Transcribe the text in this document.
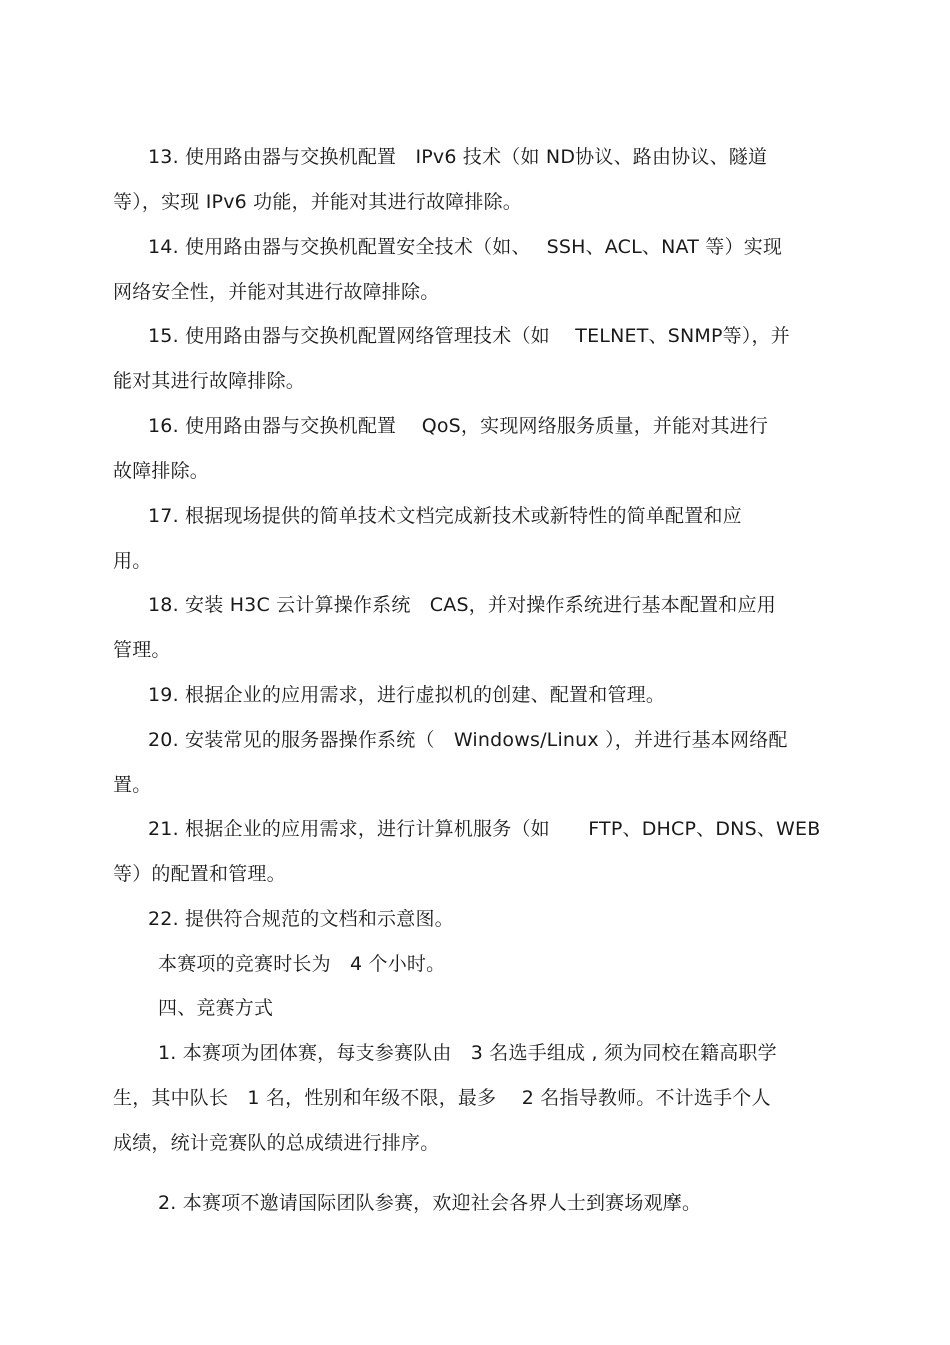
13. 使用路由器与交换机配置　IPv6 技术（如 ND协议、路由协议、隧道
等），实现 IPv6 功能，并能对其进行故障排除。
14. 使用路由器与交换机配置安全技术（如、　 SSH、ACL、NAT 等）实现
网络安全性，并能对其进行故障排除。
15. 使用路由器与交换机配置网络管理技术（如　 TELNET、SNMP等），并
能对其进行故障排除。
16. 使用路由器与交换机配置　 QoS，实现网络服务质量，并能对其进行
故障排除。
17. 根据现场提供的简单技术文档完成新技术或新特性的简单配置和应
用。
18. 安装 H3C 云计算操作系统　CAS，并对操作系统进行基本配置和应用
管理。
19. 根据企业的应用需求，进行虚拟机的创建、配置和管理。
20. 安装常见的服务器操作系统（　Windows/Linux ），并进行基本网络配
置。
21. 根据企业的应用需求，进行计算机服务（如　　FTP、DHCP、DNS、WEB
等）的配置和管理。
22. 提供符合规范的文档和示意图。
本赛项的竞赛时长为　4 个小时。
四、竞赛方式
1. 本赛项为团体赛，每支参赛队由　3 名选手组成 , 须为同校在籍高职学
生，其中队长　1 名，性别和年级不限，最多　 2 名指导教师。不计选手个人
成绩，统计竞赛队的总成绩进行排序。
2. 本赛项不邀请国际团队参赛，欢迎社会各界人士到赛场观摩。
